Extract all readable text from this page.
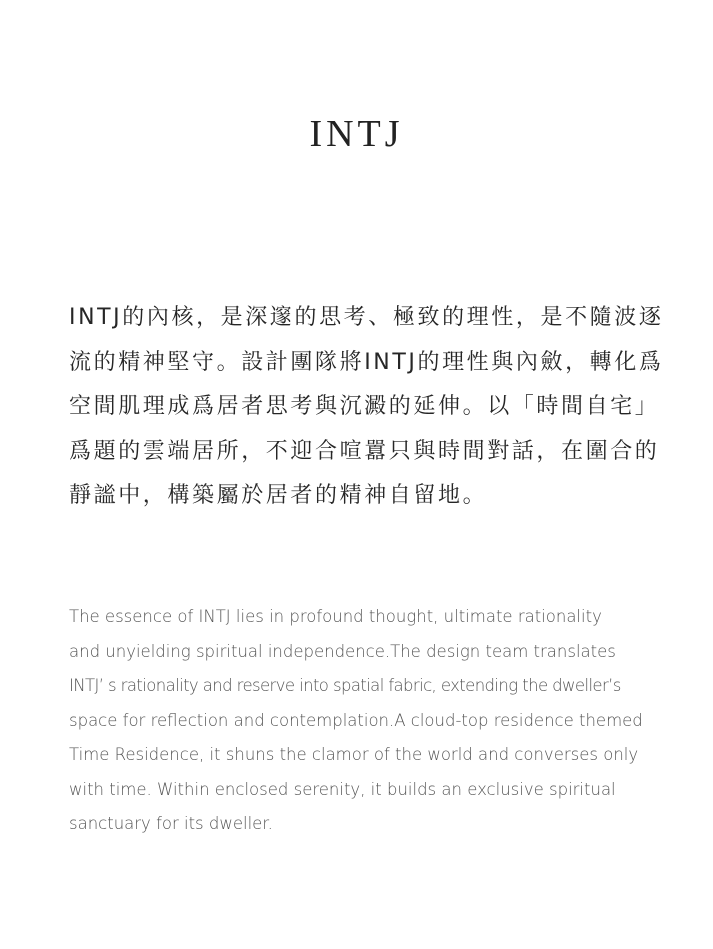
INTJ
INTJ的內核，是深邃的思考、極致的理性，是不隨波逐
流的精神堅守。設計團隊將INTJ的理性與內斂，轉化爲
空間肌理成爲居者思考與沉澱的延伸。以「時間自宅」
爲題的雲端居所，不迎合喧囂只與時間對話，在圍合的
靜謐中，構築屬於居者的精神自留地。
The essence of INTJ lies in profound thought, ultimate rationality
and unyielding spiritual independence.The design team translates
INTJ’ s rationality and reserve into spatial fabric, extending the dweller’s
space for reflection and contemplation.A cloud-top residence themed
Time Residence, it shuns the clamor of the world and converses only
with time. Within enclosed serenity, it builds an exclusive spiritual
sanctuary for its dweller.
